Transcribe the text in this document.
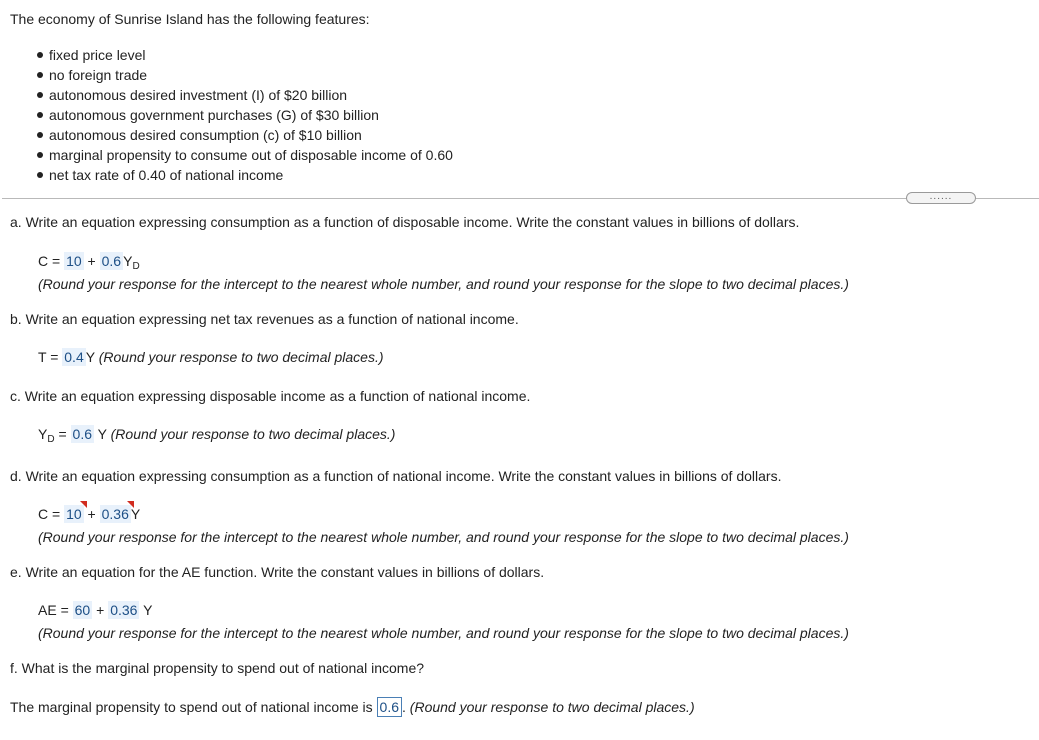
The economy of Sunrise Island has the following features:
fixed price level
no foreign trade
autonomous desired investment (I) of $20 billion
autonomous government purchases (G) of $30 billion
autonomous desired consumption (c) of $10 billion
marginal propensity to consume out of disposable income of 0.60
net tax rate of 0.40 of national income
......
a. Write an equation expressing consumption as a function of disposable income. Write the constant values in billions of dollars.
C = 10 + 0.6 $Y_D$
(Round your response for the intercept to the nearest whole number, and round your response for the slope to two decimal places.)
b. Write an equation expressing net tax revenues as a function of national income.
T = 0.4 Y (Round your response to two decimal places.)
c. Write an equation expressing disposable income as a function of national income.
$Y_D = 0.6$ Y (Round your response to two decimal places.)
d. Write an equation expressing consumption as a function of national income. Write the constant values in billions of dollars.
C = 10 + 0.36 Y
(Round your response for the intercept to the nearest whole number, and round your response for the slope to two decimal places.)
e. Write an equation for the AE function. Write the constant values in billions of dollars.
AE = 60 + 0.36 Y
(Round your response for the intercept to the nearest whole number, and round your response for the slope to two decimal places.)
f. What is the marginal propensity to spend out of national income?
The marginal propensity to spend out of national income is 0.6 . (Round your response to two decimal places.)
